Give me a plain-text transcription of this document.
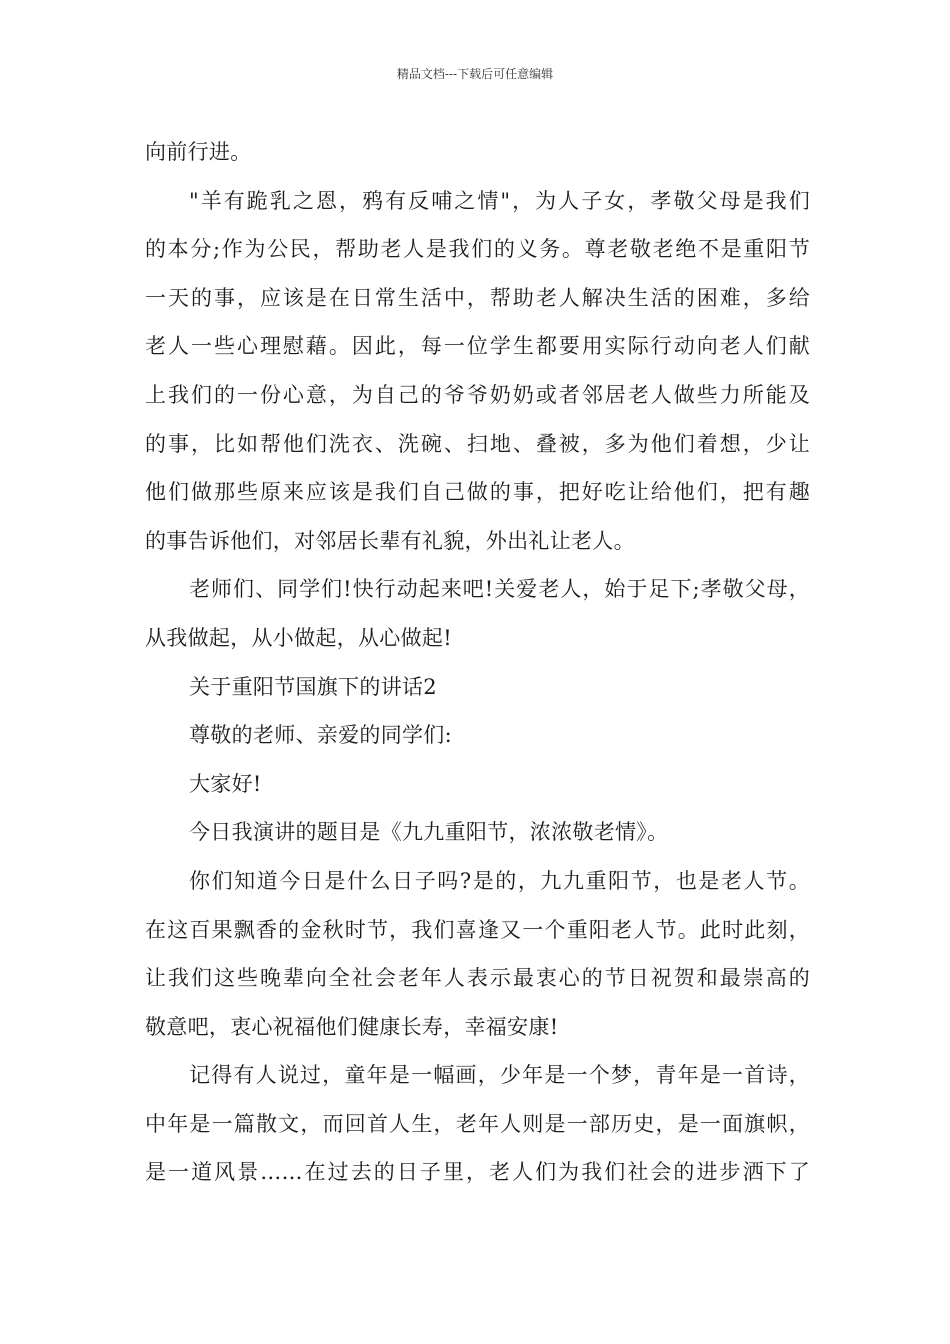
精品文档---下载后可任意编辑
向前行进。
"羊有跪乳之恩，鸦有反哺之情"，为人子女，孝敬父母是我们
的本分;作为公民，帮助老人是我们的义务。尊老敬老绝不是重阳节
一天的事，应该是在日常生活中，帮助老人解决生活的困难，多给
老人一些心理慰藉。因此，每一位学生都要用实际行动向老人们献
上我们的一份心意，为自己的爷爷奶奶或者邻居老人做些力所能及
的事，比如帮他们洗衣、洗碗、扫地、叠被，多为他们着想，少让
他们做那些原来应该是我们自己做的事，把好吃让给他们，把有趣
的事告诉他们，对邻居长辈有礼貌，外出礼让老人。
老师们、同学们!快行动起来吧!关爱老人，始于足下;孝敬父母，
从我做起，从小做起，从心做起!
关于重阳节国旗下的讲话2
尊敬的老师、亲爱的同学们:
大家好!
今日我演讲的题目是《九九重阳节，浓浓敬老情》。
你们知道今日是什么日子吗?是的，九九重阳节，也是老人节。
在这百果飘香的金秋时节，我们喜逢又一个重阳老人节。此时此刻，
让我们这些晚辈向全社会老年人表示最衷心的节日祝贺和最崇高的
敬意吧，衷心祝福他们健康长寿，幸福安康!
记得有人说过，童年是一幅画，少年是一个梦，青年是一首诗，
中年是一篇散文，而回首人生，老年人则是一部历史，是一面旗帜，
是一道风景……在过去的日子里，老人们为我们社会的进步洒下了
